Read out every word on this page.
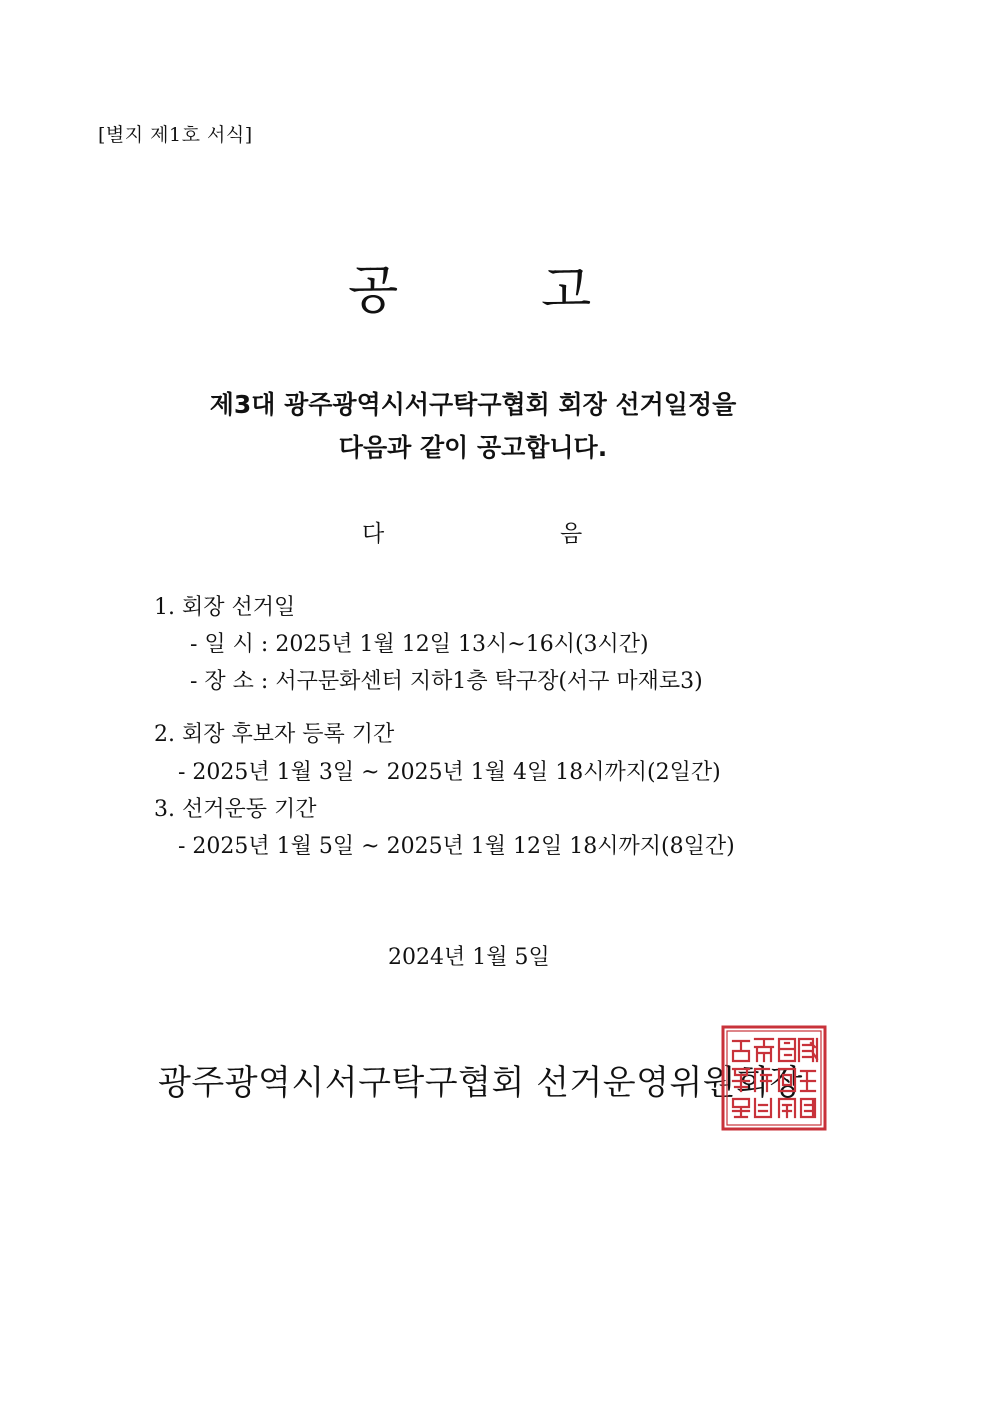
[별지 제1호 서식]
공	고
제3대 광주광역시서구탁구협회 회장 선거일정을
다음과 같이 공고합니다.
다	음
1. 회장 선거일
- 일 시 : 2025년 1월 12일 13시~16시(3시간)
- 장 소 : 서구문화센터 지하1층 탁구장(서구 마재로3)
2. 회장 후보자 등록 기간
- 2025년 1월 3일 ~ 2025년 1월 4일 18시까지(2일간)
3. 선거운동 기간
- 2025년 1월 5일 ~ 2025년 1월 12일 18시까지(8일간)
2024년 1월 5일
광주광역시서구탁구협회 선거운영위원회장
